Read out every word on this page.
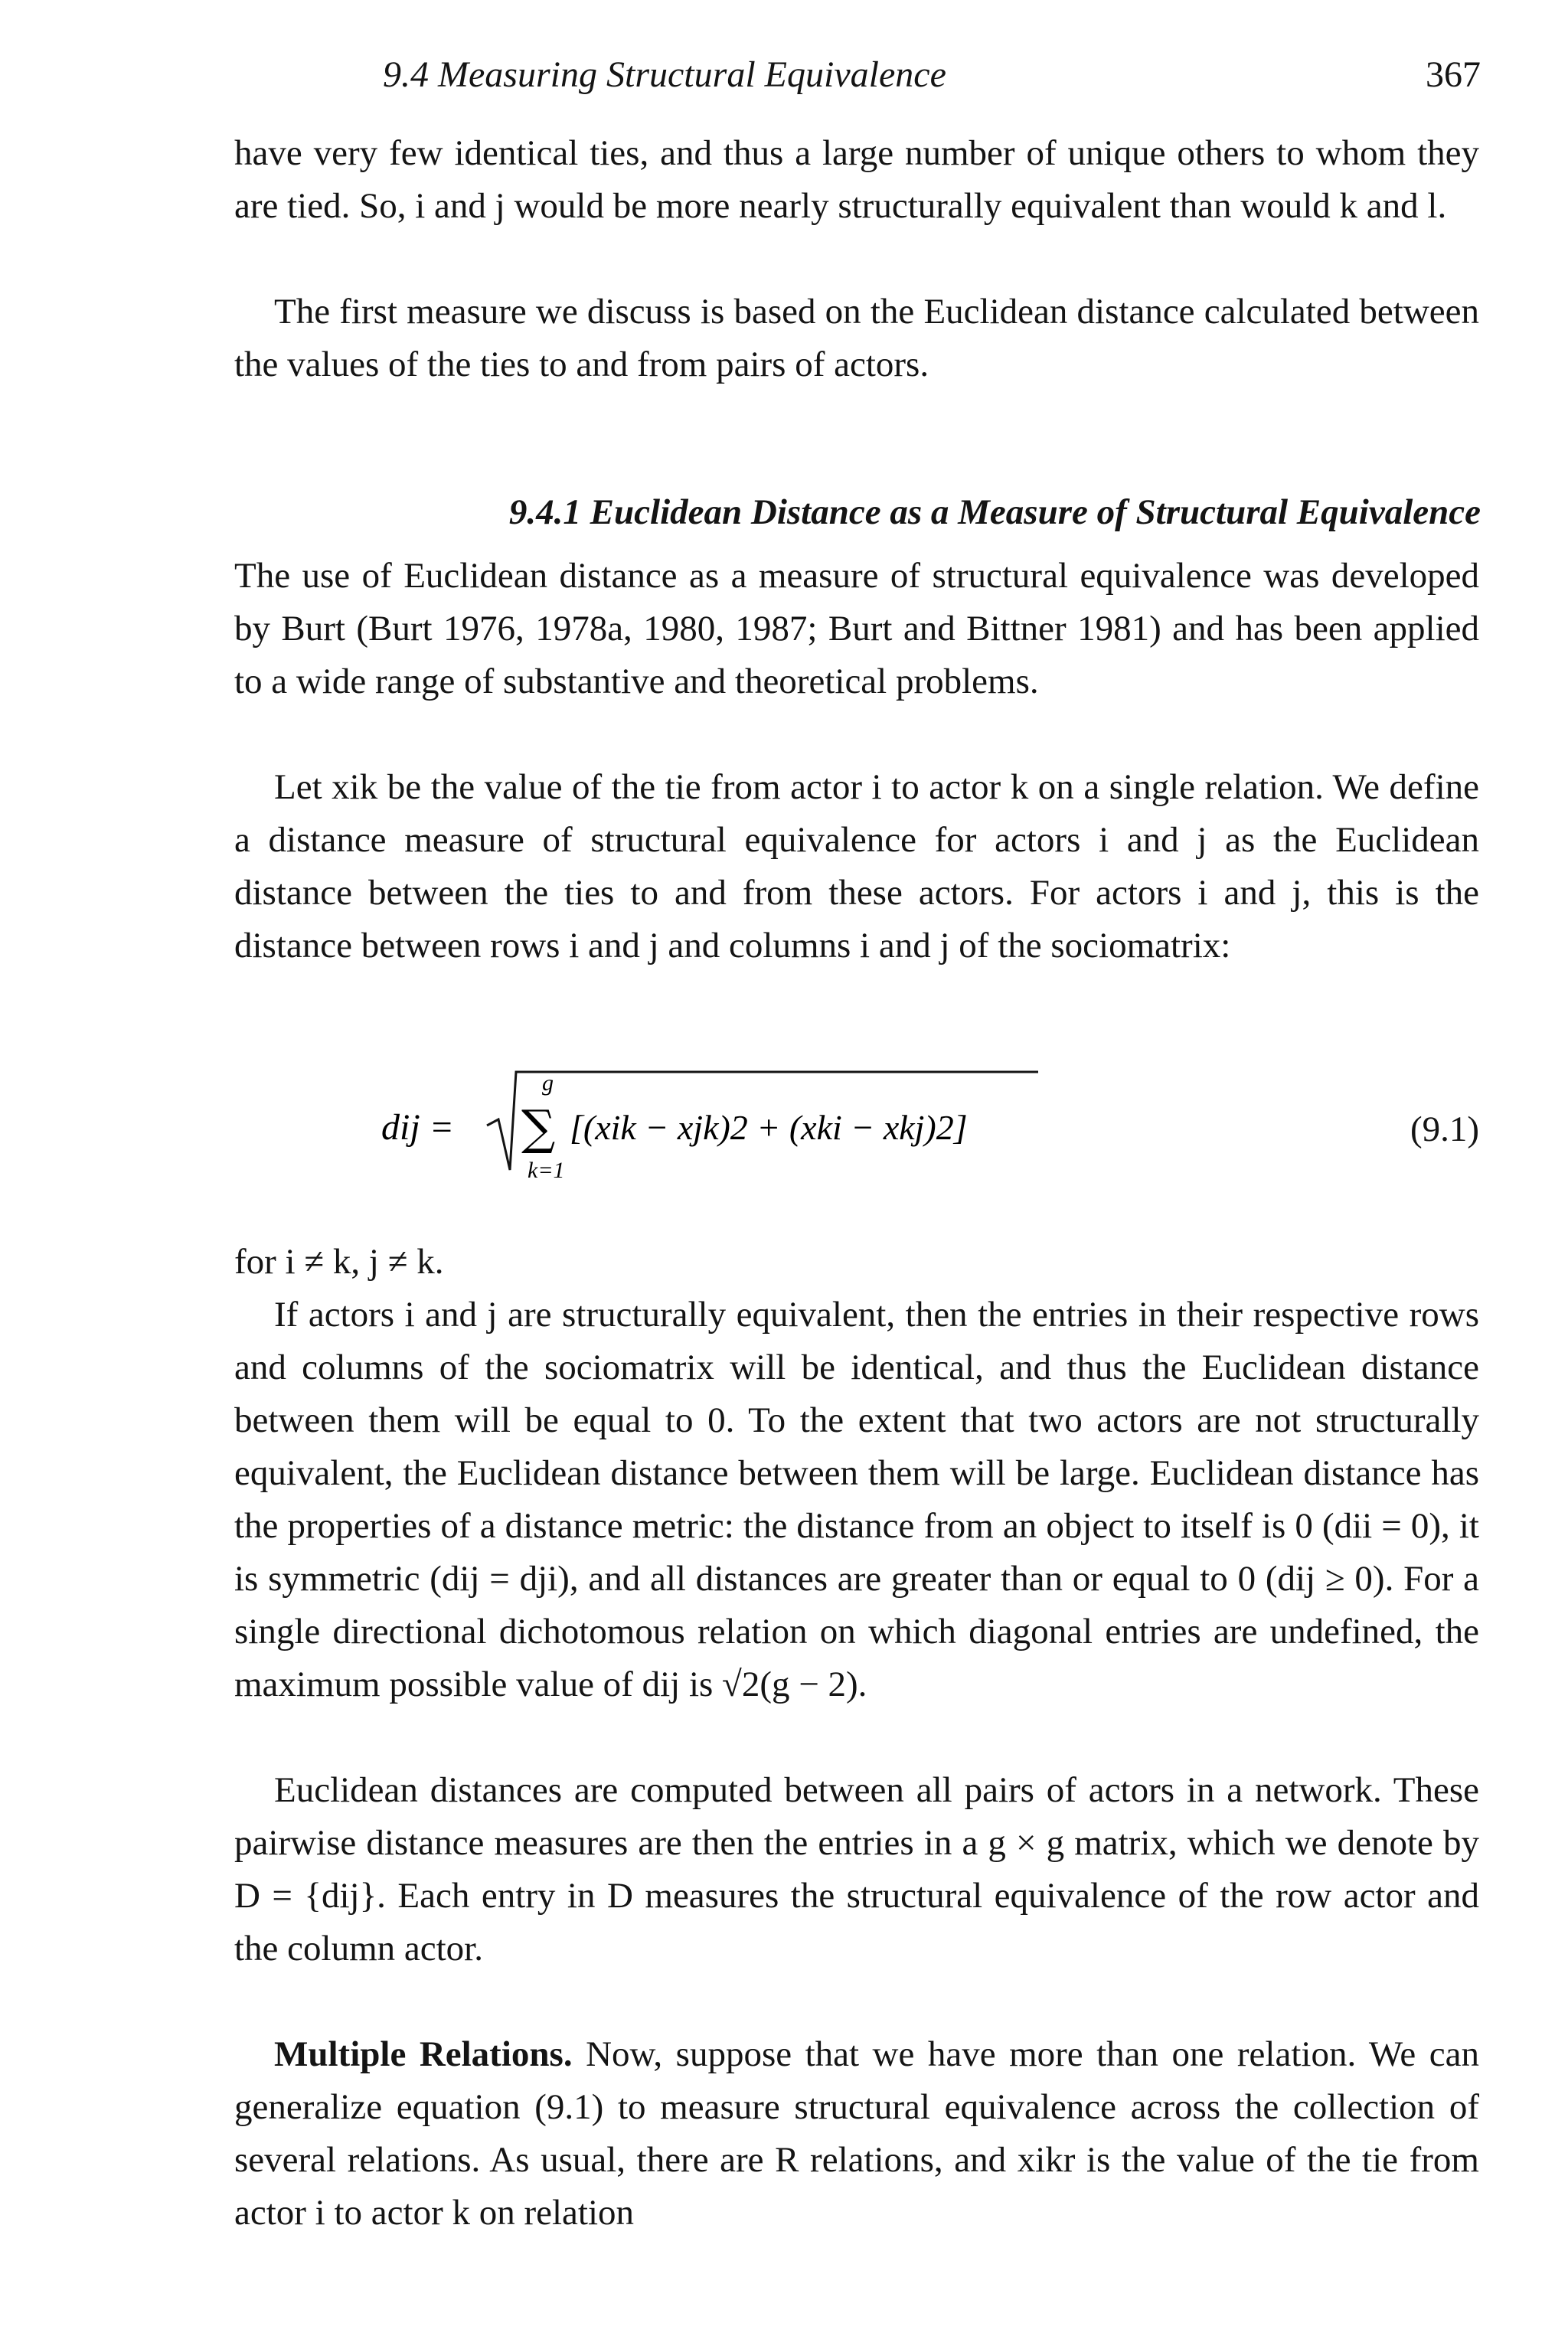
9.4 Measuring Structural Equivalence	367

have very few identical ties, and thus a large number of unique others to whom they are tied. So, i and j would be more nearly structurally equivalent than would k and l.

The first measure we discuss is based on the Euclidean distance calculated between the values of the ties to and from pairs of actors.

9.4.1 Euclidean Distance as a Measure of Structural Equivalence

The use of Euclidean distance as a measure of structural equivalence was developed by Burt (Burt 1976, 1978a, 1980, 1987; Burt and Bittner 1981) and has been applied to a wide range of substantive and theoretical problems.

Let xik be the value of the tie from actor i to actor k on a single relation. We define a distance measure of structural equivalence for actors i and j as the Euclidean distance between the ties to and from these actors. For actors i and j, this is the distance between rows i and j and columns i and j of the sociomatrix:

dij =
g
∑
k=1
[(xik − xjk)2 + (xki − xkj)2]	(9.1)

for i ≠ k, j ≠ k.

If actors i and j are structurally equivalent, then the entries in their respective rows and columns of the sociomatrix will be identical, and thus the Euclidean distance between them will be equal to 0. To the extent that two actors are not structurally equivalent, the Euclidean distance between them will be large. Euclidean distance has the properties of a distance metric: the distance from an object to itself is 0 (dii = 0), it is symmetric (dij = dji), and all distances are greater than or equal to 0 (dij ≥ 0). For a single directional dichotomous relation on which diagonal entries are undefined, the maximum possible value of dij is √2(g − 2).

Euclidean distances are computed between all pairs of actors in a network. These pairwise distance measures are then the entries in a g × g matrix, which we denote by D = {dij}. Each entry in D measures the structural equivalence of the row actor and the column actor.

Multiple Relations. Now, suppose that we have more than one relation. We can generalize equation (9.1) to measure structural equivalence across the collection of several relations. As usual, there are R relations, and xikr is the value of the tie from actor i to actor k on relation
